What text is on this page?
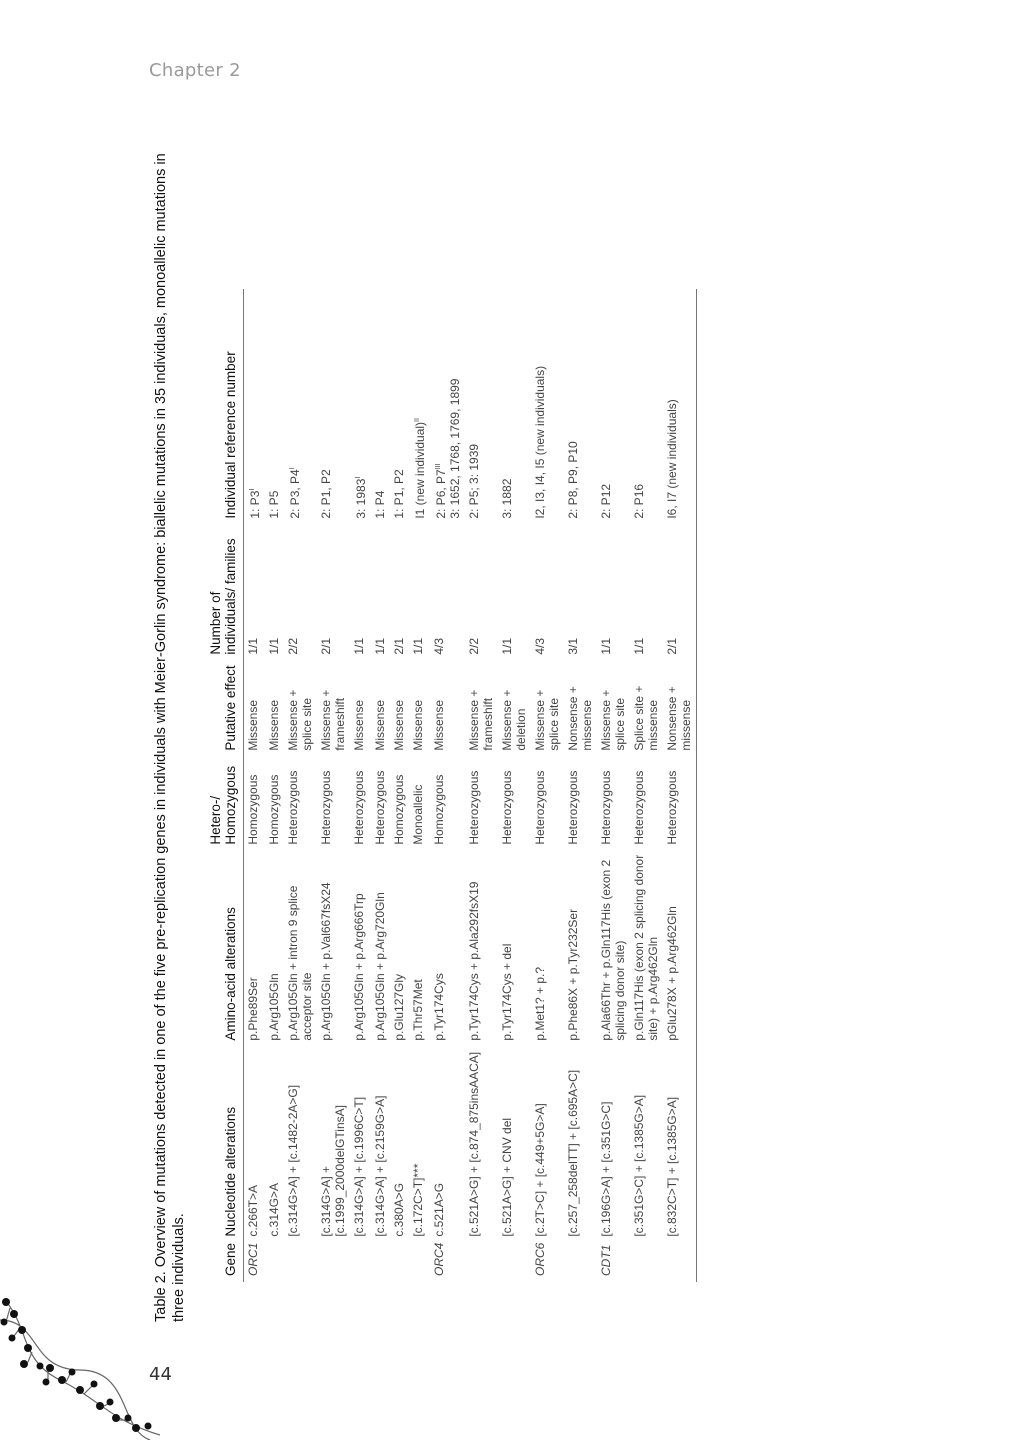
Chapter 2
44

Table 2. Overview of mutations detected in one of the five pre-replication genes in individuals with Meier-Gorlin syndrome: biallelic mutations in 35 individuals, monoallelic mutations in three individuals.	Gene	Nucleotide alterations	Amino-acid alterations	Hetero-/ Homozygous	Putative effect	Number of individuals/ families	Individual reference number
ORC1	c.266T>A	p.Phe89Ser	Homozygous	Missense	1/1	1: $P3^I$
	c.314G>A	p.Arg105Gln	Homozygous	Missense	1/1	1: P5
	[c.314G>A] + [c.1482-2A>G]	p.Arg105Gln + intron 9 splice acceptor site	Heterozygous	Missense + splice site	2/2	2: P3, $P4^I$
	[c.314G>A] + [c.1999_2000delGTinsA]	p.Arg105Gln + p.Val667fsX24	Heterozygous	Missense + frameshift	2/1	2: P1, P2
	[c.314G>A] + [c.1996C>T]	p.Arg105Gln + p.Arg666Trp	Heterozygous	Missense	1/1	3: $1983^I$
	[c.314G>A] + [c.2159G>A]	p.Arg105Gln + p.Arg720Gln	Heterozygous	Missense	1/1	1: P4
	c.380A>G	p.Glu127Gly	Homozygous	Missense	2/1	1: P1, P2
	[c.172C>T]***	p.Thr57Met	Monoallelic	Missense	1/1	I1 (new individual)$^{II}$
ORC4	c.521A>G	p.Tyr174Cys	Homozygous	Missense	4/3	2: P6, $P7^{III}$ 3: 1652, 1768, 1769, 1899
	[c.521A>G] + [c.874_875insAACA]	p.Tyr174Cys + p.Ala292fsX19	Heterozygous	Missense + frameshift	2/2	2: P5; 3: 1939
	[c.521A>G] + CNV del	p.Tyr174Cys + del	Heterozygous	Missense + deletion	1/1	3: 1882
ORC6	[c.2T>C] + [c.449+5G>A]	p.Met1? + p.?	Heterozygous	Missense + splice site	4/3	I2, I3, I4, I5 (new individuals)
	[c.257_258delTT] + [c.695A>C]	p.Phe86X + p.Tyr232Ser	Heterozygous	Nonsense + missense	3/1	2: P8, P9, P10
CDT1	[c.196G>A] + [c.351G>C]	p.Ala66Thr + p.Gln117His (exon 2 splicing donor site)	Heterozygous	Missense + splice site	1/1	2: P12
	[c.351G>C] + [c.1385G>A]	p.Gln117His (exon 2 splicing donor site) + p.Arg462Gln	Heterozygous	Splice site + missense	1/1	2: P16
	[c.832C>T] + [c.1385G>A]	pGlu278X + p.Arg462Gln	Heterozygous	Nonsense + missense	2/1	I6, I7 (new individuals)
